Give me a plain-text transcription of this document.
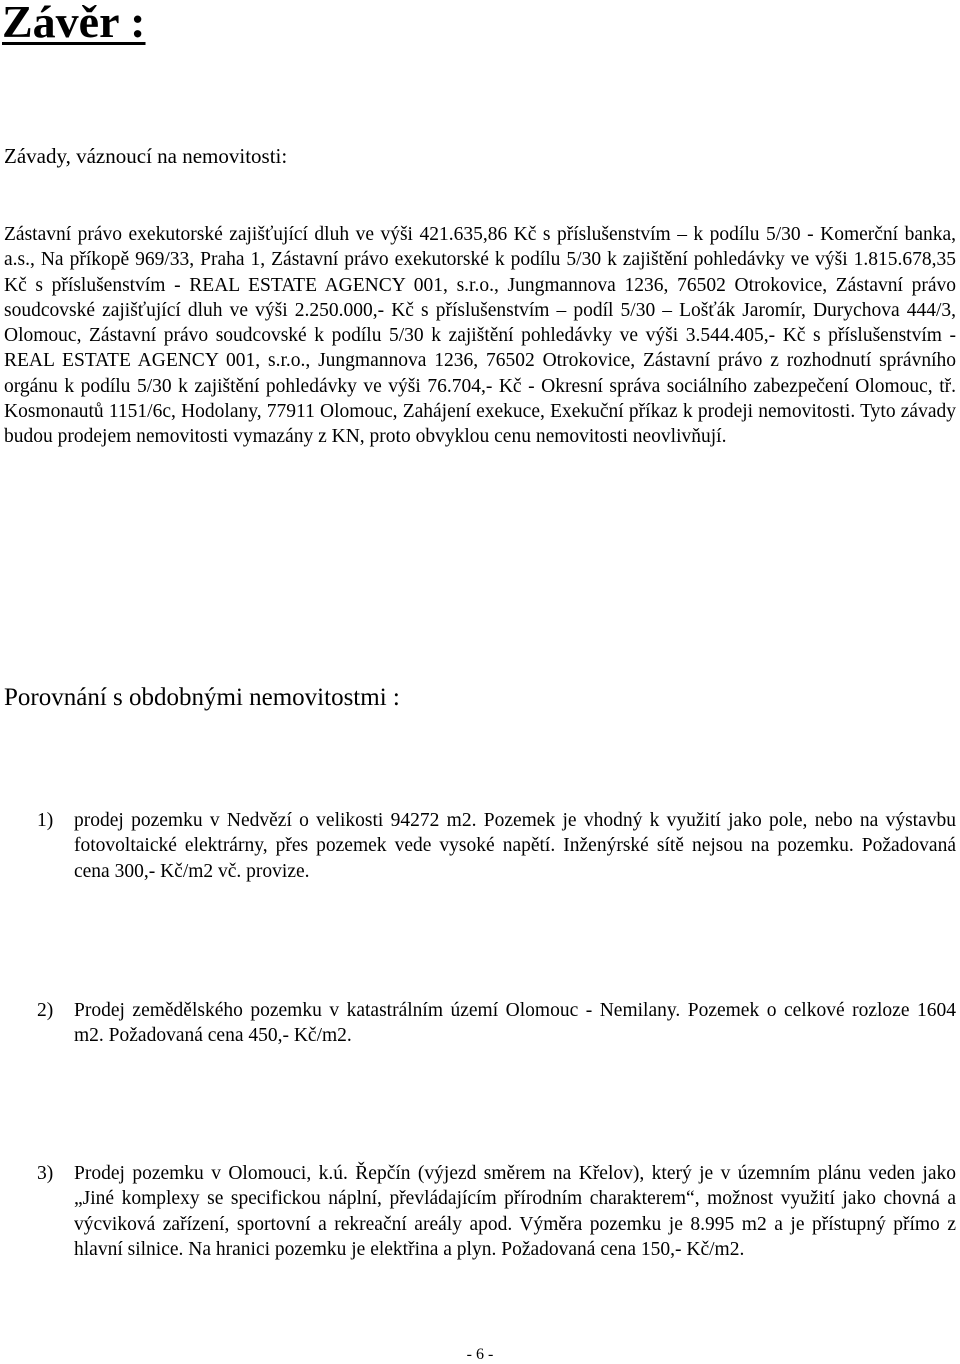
Závěr :
Závady, váznoucí na nemovitosti:

Zástavní právo exekutorské zajišťující dluh ve výši 421.635,86 Kč s příslušenstvím – k podílu 5/30 - Komerční banka, a.s., Na příkopě 969/33, Praha 1, Zástavní právo exekutorské k podílu 5/30 k zajištění pohledávky ve výši 1.815.678,35 Kč s příslušenstvím - REAL ESTATE AGENCY 001, s.r.o., Jungmannova 1236, 76502 Otrokovice, Zástavní právo soudcovské zajišťující dluh ve výši 2.250.000,- Kč s příslušenstvím – podíl 5/30 – Lošťák Jaromír, Durychova 444/3, Olomouc, Zástavní právo soudcovské k podílu 5/30 k zajištění pohledávky ve výši 3.544.405,- Kč s příslušenstvím - REAL ESTATE AGENCY 001, s.r.o., Jungmannova 1236, 76502 Otrokovice, Zástavní právo z rozhodnutí správního orgánu k podílu 5/30 k zajištění pohledávky ve výši 76.704,- Kč - Okresní správa sociálního zabezpečení Olomouc, tř. Kosmonautů 1151/6c, Hodolany, 77911 Olomouc, Zahájení exekuce, Exekuční příkaz k prodeji nemovitosti. Tyto závady budou prodejem nemovitosti vymazány z KN, proto obvyklou cenu nemovitosti neovlivňují.

Porovnání s obdobnými nemovitostmi :
1) prodej pozemku v Nedvězí o velikosti 94272 m2. Pozemek je vhodný k využití jako pole, nebo na výstavbu fotovoltaické elektrárny, přes pozemek vede vysoké napětí. Inženýrské sítě nejsou na pozemku. Požadovaná cena 300,- Kč/m2 vč. provize.
2) Prodej zemědělského pozemku v katastrálním území Olomouc - Nemilany. Pozemek o celkové rozloze 1604 m2. Požadovaná cena 450,- Kč/m2.
3) Prodej pozemku v Olomouci, k.ú. Řepčín (výjezd směrem na Křelov), který je v územním plánu veden jako „Jiné komplexy se specifickou náplní, převládajícím přírodním charakterem“, možnost využití jako chovná a výcviková zařízení, sportovní a rekreační areály apod. Výměra pozemku je 8.995 m2 a je přístupný přímo z hlavní silnice. Na hranici pozemku je elektřina a plyn. Požadovaná cena 150,- Kč/m2.
- 6 -
